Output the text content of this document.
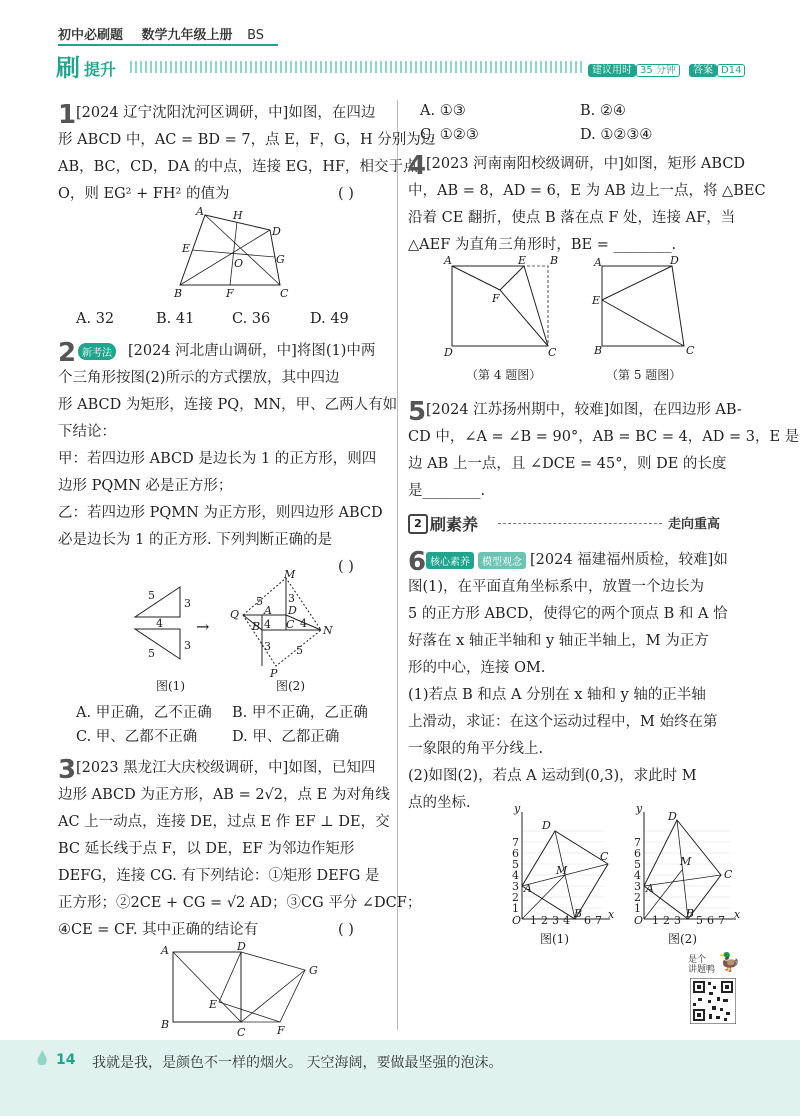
初中必刷题 数学九年级上册 BS
刷 提升	建议用时 35 分钟 答案 D14
1 [2024 辽宁沈阳沈河区调研，中]如图，在四边
形 ABCD 中，AC = BD = 7，点 E，F，G，H 分别为边
AB，BC，CD，DA 的中点，连接 EG，HF，相交于点
O，则 EG² + FH² 的值为	( )
A	H
D
E
O	G
B	F	C
A. 32	B. 41	C. 36	D. 49
2 新考法 [2024 河北唐山调研，中]将图(1)中两
个三角形按图(2)所示的方式摆放，其中四边
形 ABCD 为矩形，连接 PQ，MN，甲、乙两人有如
下结论：
甲：若四边形 ABCD 是边长为 1 的正方形，则四
边形 PQMN 必是正方形；
乙：若四边形 PQMN 为正方形，则四边形 ABCD
必是边长为 1 的正方形. 下列判断正确的是
( )
5
3
4
5
3
→
M
Q	D
A
B C	N
P
5 3
4	4
3 5
图(1)	图(2)
A. 甲正确，乙不正确 B. 甲不正确，乙正确
C. 甲、乙都不正确 D. 甲、乙都正确
3 [2023 黑龙江大庆校级调研，中]如图，已知四
边形 ABCD 为正方形，AB = 2√2，点 E 为对角线
AC 上一动点，连接 DE，过点 E 作 EF ⊥ DE，交
BC 延长线于点 F，以 DE，EF 为邻边作矩形
DEFG，连接 CG. 有下列结论：①矩形 DEFG 是
正方形；②2CE + CG = √2 AD；③CG 平分 ∠DCF；
④CE = CF. 其中正确的结论有	( )
A	D
G
E
B
C	F
A. ①③	B. ②④
C. ①②③	D. ①②③④
4 [2023 河南南阳校级调研，中]如图，矩形 ABCD
中，AB = 8，AD = 6，E 为 AB 边上一点，将 △BEC
沿着 CE 翻折，使点 B 落在点 F 处，连接 AF，当
△AEF 为直角三角形时，BE = ________.
A	E B
F
D	C
（第 4 题图）
A	D
E
B	C
（第 5 题图）
5 [2024 江苏扬州期中，较难]如图，在四边形 AB-
CD 中，∠A = ∠B = 90°，AB = BC = 4，AD = 3，E 是
边 AB 上一点，且 ∠DCE = 45°，则 DE 的长度
是________.
2 刷素养	走向重高
6 核心素养	模型观念 [2024 福建福州质检，较难]如
图(1)，在平面直角坐标系中，放置一个边长为
5 的正方形 ABCD，使得它的两个顶点 B 和 A 恰
好落在 x 轴正半轴和 y 轴正半轴上，M 为正方
形的中心，连接 OM.
(1)若点 B 和点 A 分别在 x 轴和 y 轴的正半轴
上滑动，求证：在这个运动过程中，M 始终在第
一象限的角平分线上.
(2)如图(2)，若点 A 运动到(0,3)，求此时 M
点的坐标.	y
x
O
A
B
C
D
M
1
2
3
4
5
6
7
1 2 3 4 6 7
图(1)
y
x
O
A
B
C
D
M
1
2
3
4
5
6
7
1 2 3 5 6 7
图(2)
是个
讲题鸭 🦆
14 我就是我，是颜色不一样的烟火。 天空海阔，要做最坚强的泡沫。
